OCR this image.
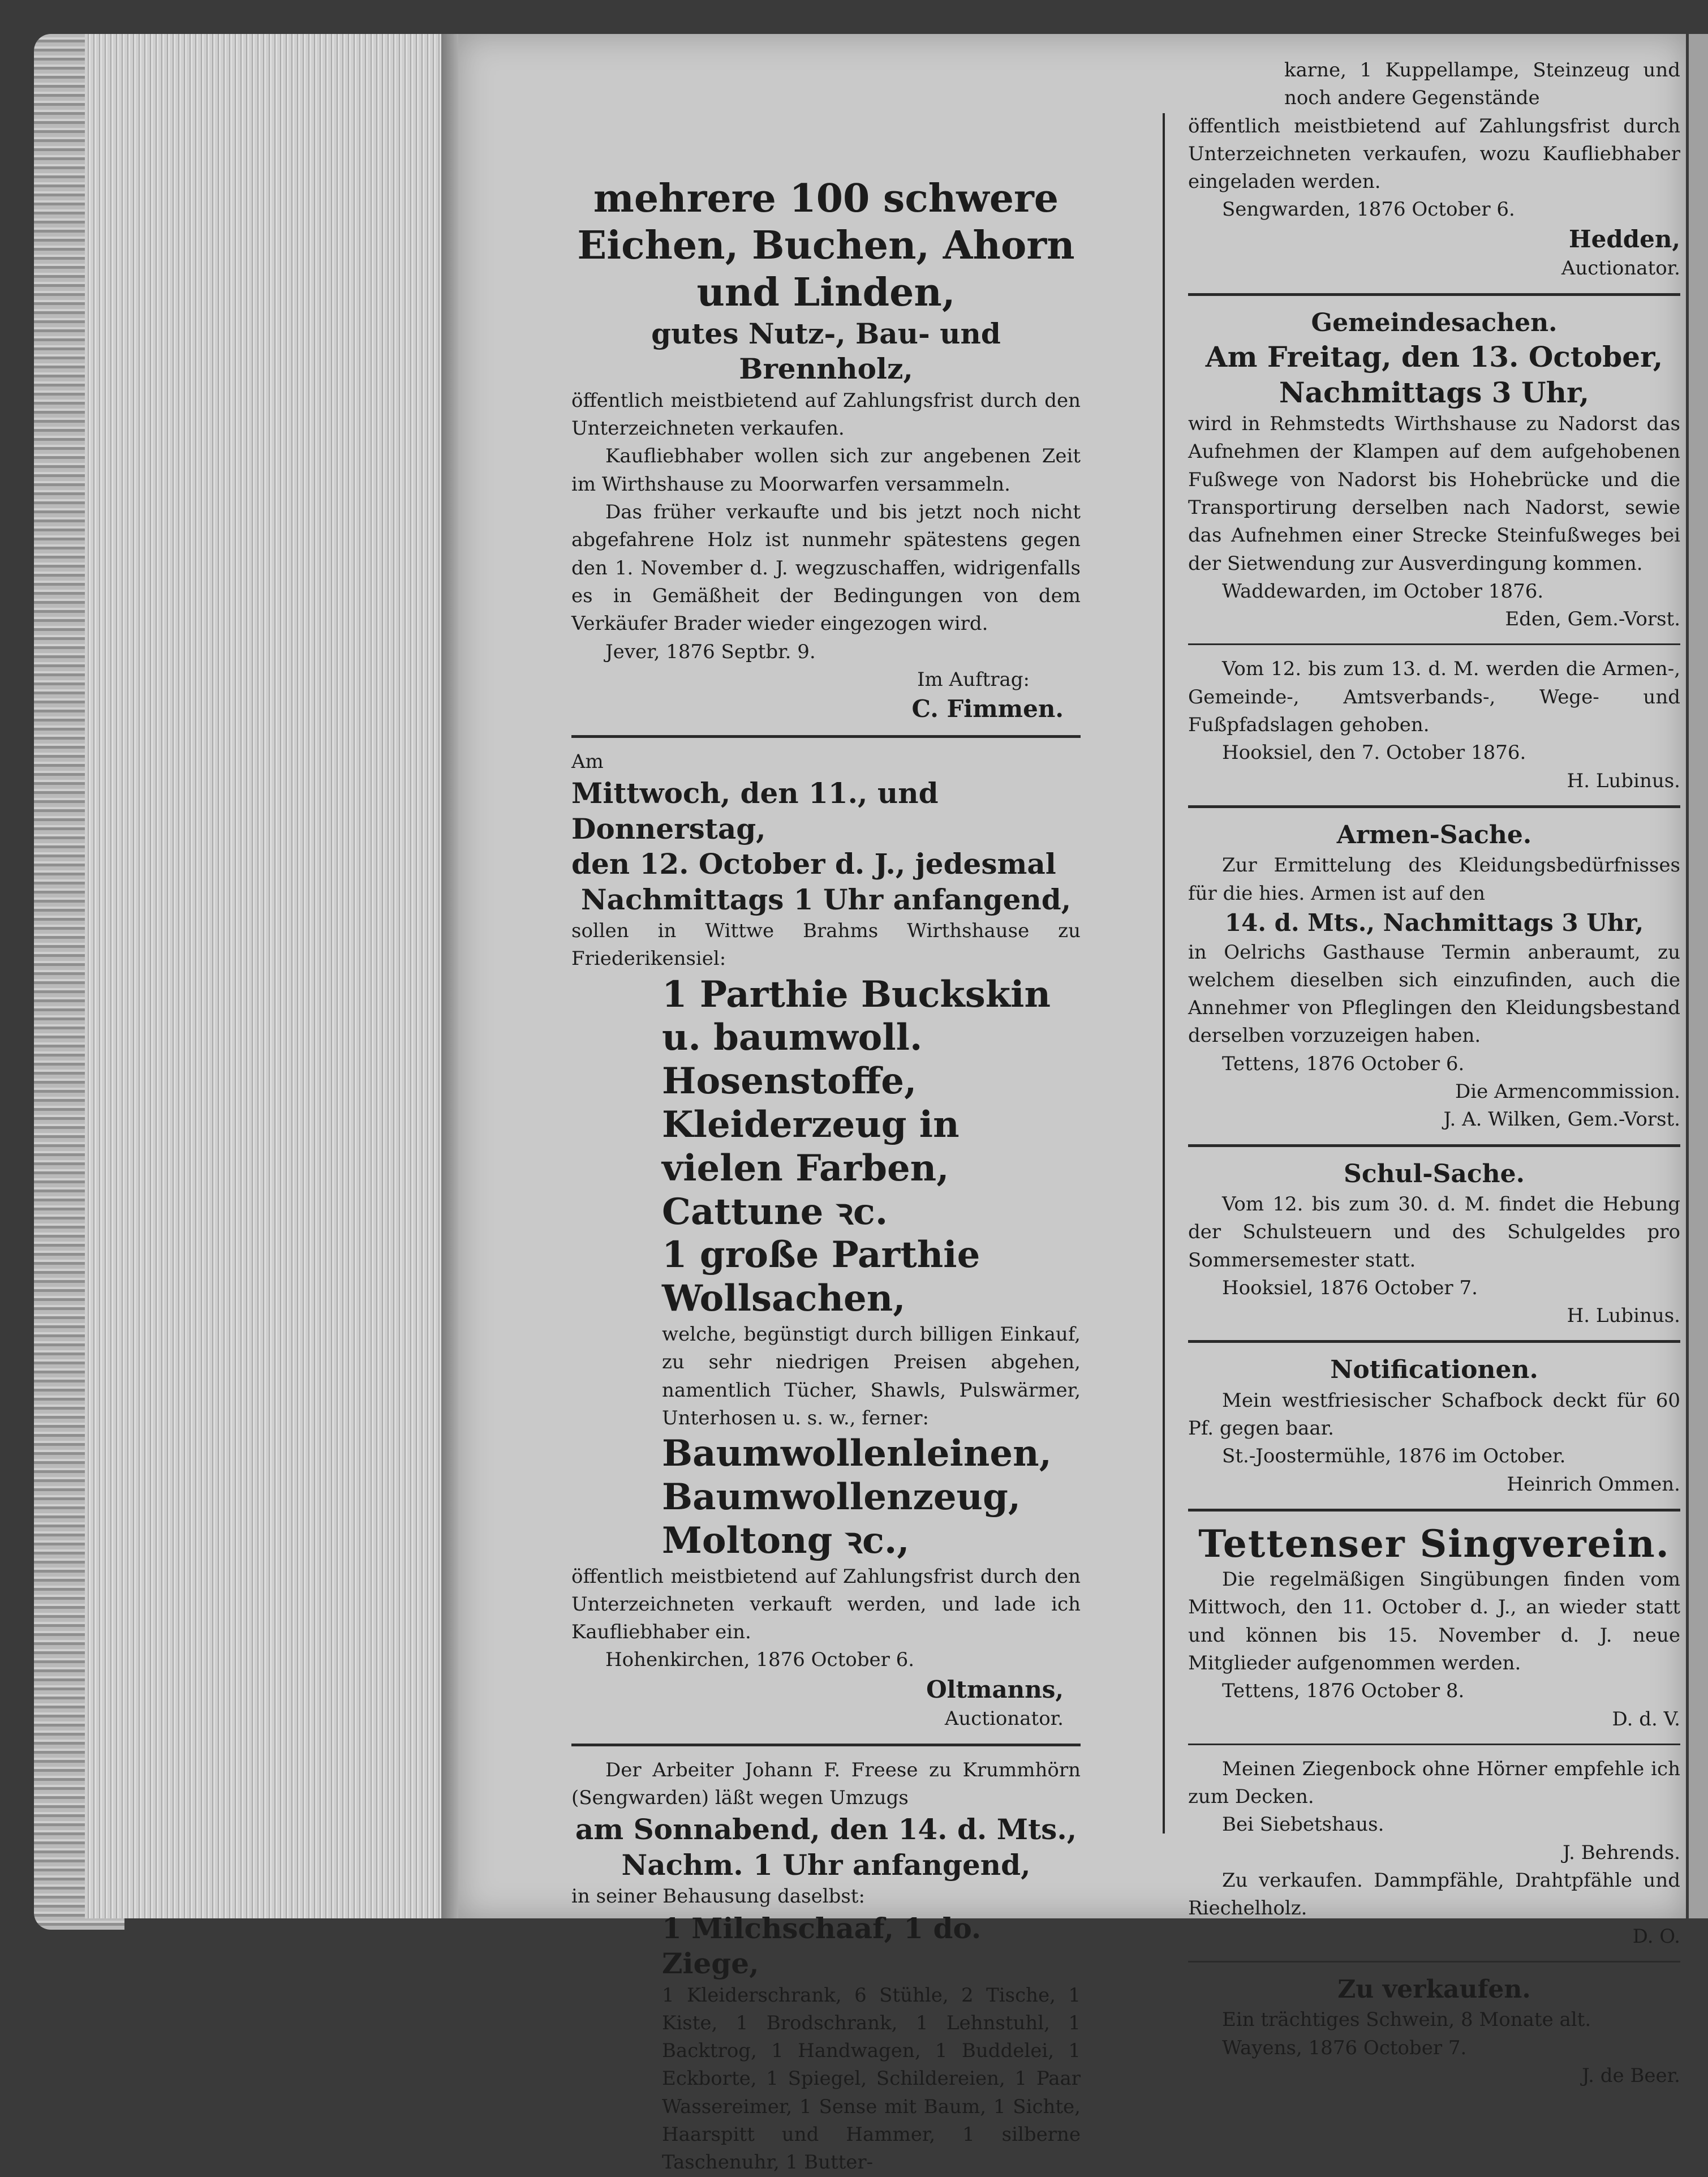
mehrere 100 schwere
Eichen, Buchen, Ahorn
und Linden,
gutes Nutz-, Bau- und Brennholz,

öffentlich meistbietend auf Zahlungsfrist durch den Unterzeichneten verkaufen.

Kaufliebhaber wollen sich zur angebenen Zeit im Wirthshause zu Moorwarfen versammeln.

Das früher verkaufte und bis jetzt noch nicht abgefahrene Holz ist nunmehr spätestens gegen den 1. November d. J. wegzuschaffen, widrigenfalls es in Gemäßheit der Bedingungen von dem Verkäufer Brader wieder eingezogen wird.

Jever, 1876 Septbr. 9.

Im Auftrag:

C. Fimmen.

Am
Mittwoch, den 11., und Donnerstag,
den 12. October d. J., jedesmal
Nachmittags 1 Uhr anfangend,
sollen in Wittwe Brahms Wirthshause zu Friederikensiel:
1 Parthie Buckskin u. baumwoll. Hosenstoffe, Kleiderzeug in vielen Farben, Cattune ꝛc.
1 große Parthie Wollsachen,
welche, begünstigt durch billigen Einkauf, zu sehr niedrigen Preisen abgehen, namentlich Tücher, Shawls, Pulswärmer, Unterhosen u. s. w., ferner:
Baumwollenleinen, Baumwollenzeug, Moltong ꝛc.,
öffentlich meistbietend auf Zahlungsfrist durch den Unterzeichneten verkauft werden, und lade ich Kaufliebhaber ein.
Hohenkirchen, 1876 October 6.
Oltmanns,
Auctionator.
Der Arbeiter Johann F. Freese zu Krummhörn (Sengwarden) läßt wegen Umzugs
am Sonnabend, den 14. d. Mts.,
Nachm. 1 Uhr anfangend,
in seiner Behausung daselbst:
1 Milchschaaf, 1 do. Ziege,
1 Kleiderschrank, 6 Stühle, 2 Tische, 1 Kiste, 1 Brodschrank, 1 Lehnstuhl, 1 Backtrog, 1 Handwagen, 1 Buddelei, 1 Eckborte, 1 Spiegel, Schildereien, 1 Paar Wassereimer, 1 Sense mit Baum, 1 Sichte, Haarspitt und Hammer, 1 silberne Taschenuhr, 1 Butter-
karne, 1 Kuppellampe, Steinzeug und noch andere Gegenstände
öffentlich meistbietend auf Zahlungsfrist durch Unterzeichneten verkaufen, wozu Kaufliebhaber eingeladen werden.
Sengwarden, 1876 October 6.
Hedden,
Auctionator.
Gemeindesachen.
Am Freitag, den 13. October,
Nachmittags 3 Uhr,
wird in Rehmstedts Wirthshause zu Nadorst das Aufnehmen der Klampen auf dem aufgehobenen Fußwege von Nadorst bis Hohebrücke und die Transportirung derselben nach Nadorst, sewie das Aufnehmen einer Strecke Steinfußweges bei der Sietwendung zur Ausverdingung kommen.
Waddewarden, im October 1876.
Eden, Gem.-Vorst.
Vom 12. bis zum 13. d. M. werden die Armen-, Gemeinde-, Amtsverbands-, Wege- und Fußpfadslagen gehoben.
Hooksiel, den 7. October 1876.
H. Lubinus.
Armen-Sache.
Zur Ermittelung des Kleidungsbedürfnisses für die hies. Armen ist auf den
14. d. Mts., Nachmittags 3 Uhr,
in Oelrichs Gasthause Termin anberaumt, zu welchem dieselben sich einzufinden, auch die Annehmer von Pfleglingen den Kleidungsbestand derselben vorzuzeigen haben.
Tettens, 1876 October 6.
Die Armencommission.
J. A. Wilken, Gem.-Vorst.
Schul-Sache.
Vom 12. bis zum 30. d. M. findet die Hebung der Schulsteuern und des Schulgeldes pro Sommersemester statt.
Hooksiel, 1876 October 7.
H. Lubinus.
Notificationen.
Mein westfriesischer Schafbock deckt für 60 Pf. gegen baar.
St.-Joostermühle, 1876 im October.
Heinrich Ommen.
Tettenser Singverein.
Die regelmäßigen Singübungen finden vom Mittwoch, den 11. October d. J., an wieder statt und können bis 15. November d. J. neue Mitglieder aufgenommen werden.
Tettens, 1876 October 8.
D. d. V.
Meinen Ziegenbock ohne Hörner empfehle ich zum Decken.
Bei Siebetshaus.
J. Behrends.
Zu verkaufen. Dammpfähle, Drahtpfähle und Riechelholz.
D. O.
Zu verkaufen.
Ein trächtiges Schwein, 8 Monate alt.
Wayens, 1876 October 7.
J. de Beer.
